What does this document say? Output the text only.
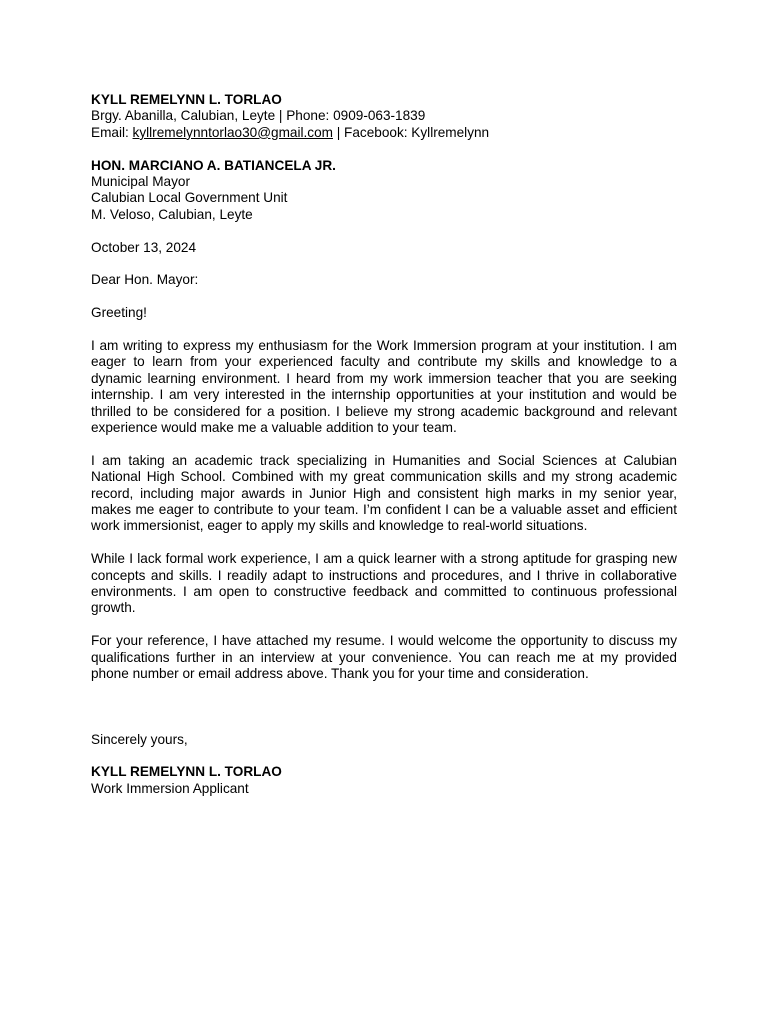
KYLL REMELYNN L. TORLAO
Brgy. Abanilla, Calubian, Leyte | Phone: 0909-063-1839
Email: kyllremelynntorlao30@gmail.com | Facebook: Kyllremelynn
HON. MARCIANO A. BATIANCELA JR.
Municipal Mayor
Calubian Local Government Unit
M. Veloso, Calubian, Leyte
October 13, 2024
Dear Hon. Mayor:
Greeting!

I am writing to express my enthusiasm for the Work Immersion program at your institution. I am eager to learn from your experienced faculty and contribute my skills and knowledge to a dynamic learning environment. I heard from my work immersion teacher that you are seeking internship. I am very interested in the internship opportunities at your institution and would be thrilled to be considered for a position. I believe my strong academic background and relevant experience would make me a valuable addition to your team.

I am taking an academic track specializing in Humanities and Social Sciences at Calubian National High School. Combined with my great communication skills and my strong academic record, including major awards in Junior High and consistent high marks in my senior year, makes me eager to contribute to your team. I’m confident I can be a valuable asset and efficient work immersionist, eager to apply my skills and knowledge to real-world situations.

While I lack formal work experience, I am a quick learner with a strong aptitude for grasping new concepts and skills. I readily adapt to instructions and procedures, and I thrive in collaborative environments. I am open to constructive feedback and committed to continuous professional growth.

For your reference, I have attached my resume. I would welcome the opportunity to discuss my qualifications further in an interview at your convenience. You can reach me at my provided phone number or email address above. Thank you for your time and consideration.

Sincerely yours,
KYLL REMELYNN L. TORLAO
Work Immersion Applicant
